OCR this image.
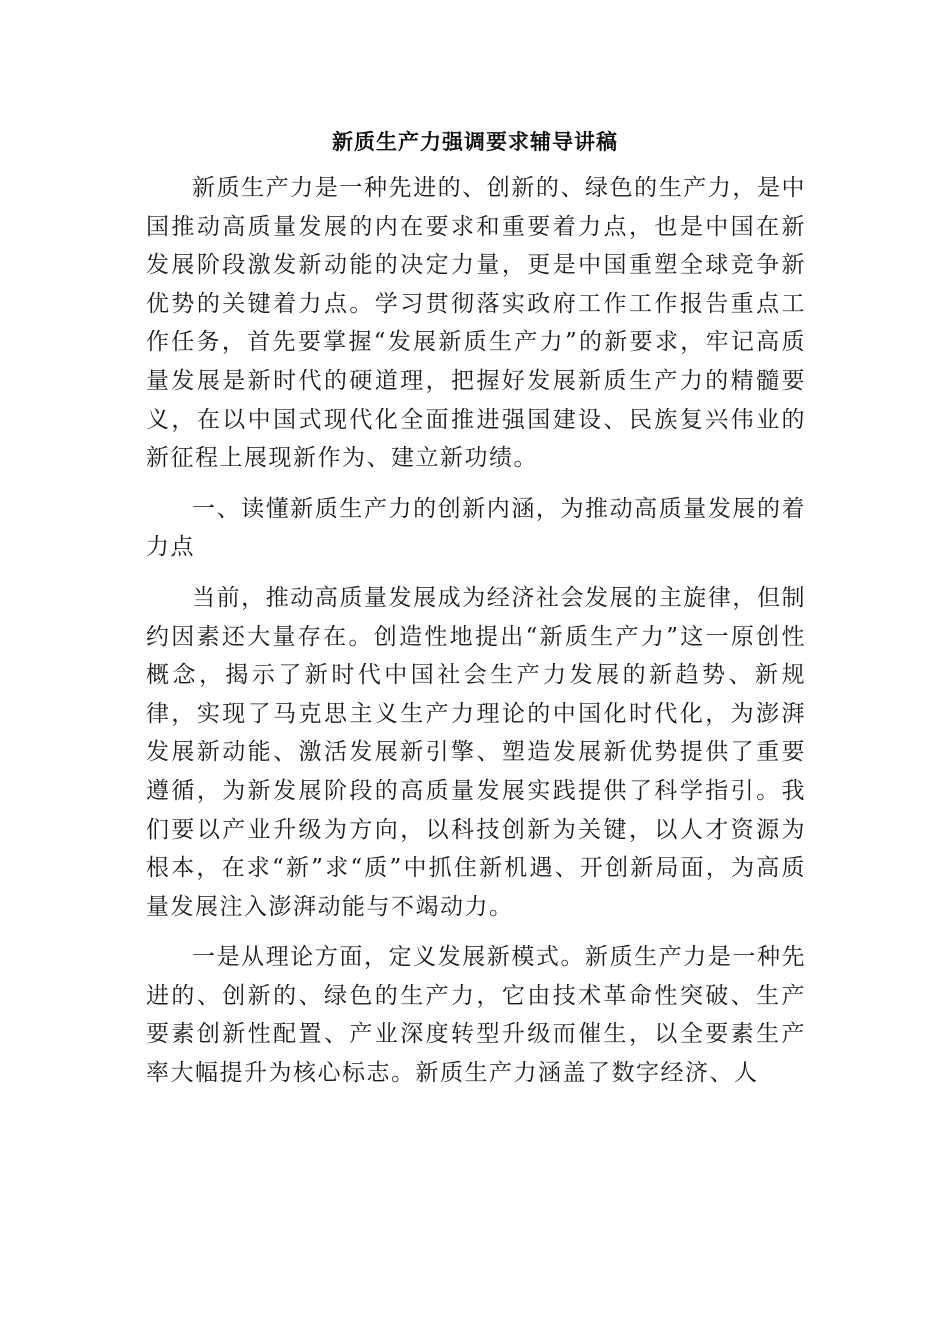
新质生产力强调要求辅导讲稿

新质生产力是一种先进的、创新的、绿色的生产力，是中国推动高质量发展的内在要求和重要着力点，也是中国在新发展阶段激发新动能的决定力量，更是中国重塑全球竞争新优势的关键着力点。学习贯彻落实政府工作工作报告重点工作任务，首先要掌握“发展新质生产力”的新要求，牢记高质量发展是新时代的硬道理，把握好发展新质生产力的精髓要义，在以中国式现代化全面推进强国建设、民族复兴伟业的新征程上展现新作为、建立新功绩。

一、读懂新质生产力的创新内涵，为推动高质量发展的着力点

当前，推动高质量发展成为经济社会发展的主旋律，但制约因素还大量存在。创造性地提出“新质生产力”这一原创性概念，揭示了新时代中国社会生产力发展的新趋势、新规律，实现了马克思主义生产力理论的中国化时代化，为澎湃发展新动能、激活发展新引擎、塑造发展新优势提供了重要遵循，为新发展阶段的高质量发展实践提供了科学指引。我们要以产业升级为方向，以科技创新为关键，以人才资源为根本，在求“新”求“质”中抓住新机遇、开创新局面，为高质量发展注入澎湃动能与不竭动力。

一是从理论方面，定义发展新模式。新质生产力是一种先进的、创新的、绿色的生产力，它由技术革命性突破、生产要素创新性配置、产业深度转型升级而催生，以全要素生产率大幅提升为核心标志。新质生产力涵盖了数字经济、人
